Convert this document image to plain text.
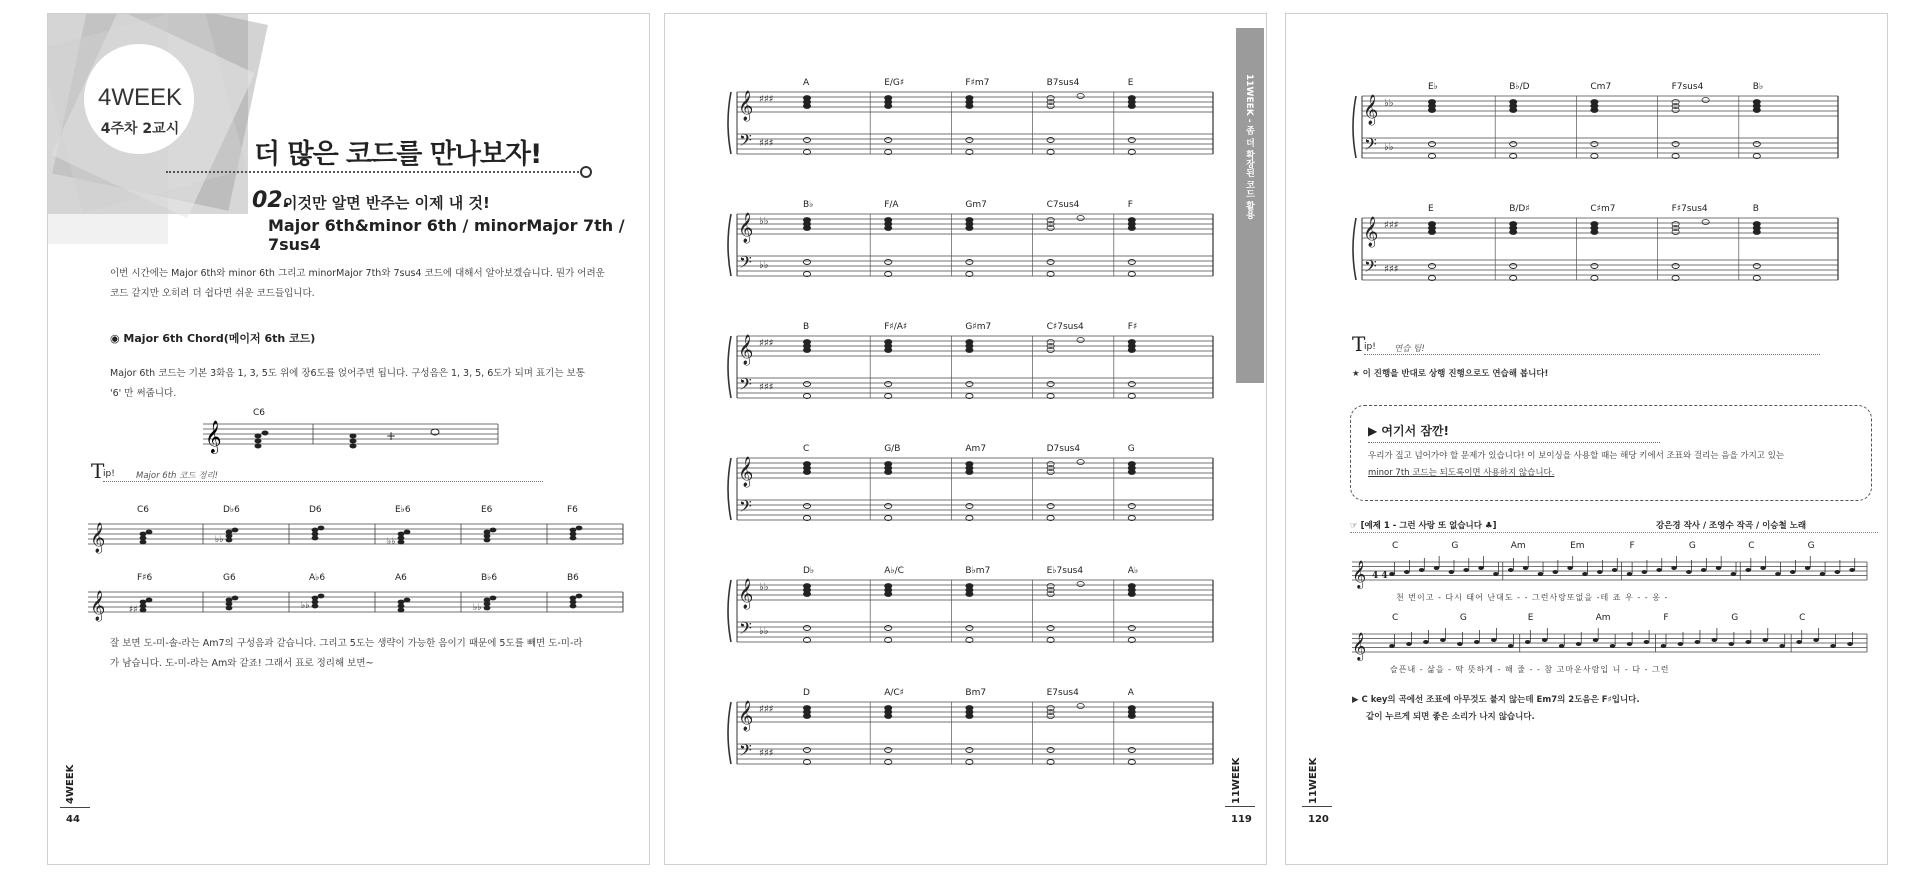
4WEEK
4주차 2교시
더 많은 코드를 만나보자!
02.
이것만 알면 반주는 이제 내 것!
Major 6th&minor 6th / minorMajor 7th / 7sus4
이번 시간에는 Major 6th와 minor 6th 그리고 minorMajor 7th와 7sus4 코드에 대해서 알아보겠습니다. 뭔가 어려운
코드 같지만 오히려 더 쉽다면 쉬운 코드들입니다.
◉ Major 6th Chord(메이저 6th 코드)
Major 6th 코드는 기본 3화음 1, 3, 5도 위에 장6도를 얹어주면 됩니다. 구성음은 1, 3, 5, 6도가 되며 표기는 보통
'6' 만 써줍니다.
𝄞
C6
+
T
ip! Major 6th 코드 정리!
𝄞
C6	D♭6
♭♭
D6	E♭6
♭♭
E6	F6
𝄞
F♯6
♯♯
G6	A♭6
♭♭
A6	B♭6
♭♭
B6
잘 보면 도-미-솔-라는 Am7의 구성음과 같습니다. 그리고 5도는 생략이 가능한 음이기 때문에 5도를 빼면 도-미-라
가 남습니다. 도-미-라는 Am와 같죠! 그래서 표로 정리해 보면~
4WEEK
44
11WEEK - 좀 더 확장된 코드 활용
𝄞
𝄢
♯♯♯
♯♯♯
A	E/G♯	F♯m7	B7sus4	E
𝄞
𝄢
♭♭
♭♭
B♭	F/A	Gm7	C7sus4	F
𝄞
𝄢
♯♯♯
♯♯♯
B	F♯/A♯	G♯m7	C♯7sus4	F♯
𝄞
𝄢
C	G/B	Am7	D7sus4	G
𝄞
𝄢
♭♭
♭♭
D♭	A♭/C	B♭m7	E♭7sus4	A♭
𝄞
𝄢
♯♯♯
♯♯♯
D	A/C♯	Bm7	E7sus4	A
11WEEK
119
𝄞
𝄢
♭♭
♭♭
E♭	B♭/D	Cm7	F7sus4	B♭
𝄞
𝄢
♯♯♯
♯♯♯
E	B/D♯	C♯m7	F♯7sus4	B
T
ip! 연습 팁!
★ 이 진행을 반대로 상행 진행으로도 연습해 봅니다!
▶ 여기서 잠깐!
우리가 짚고 넘어가야 할 문제가 있습니다! 이 보이싱을 사용할 때는 해당 키에서 조표와 걸리는 음을 가지고 있는
minor 7th 코드는 되도록이면 사용하지 않습니다.
☞ [예제 1 - 그런 사랑 또 없습니다 ♣]	강은경 작사 / 조영수 작곡 / 이승철 노래
𝄞 4 4
C	G	Am	Em	F	G	C	G
천 번이고 - 다시 태어 난대도 - - 그런사랑또없을 -테 죠 우 - - 옹 -
𝄞
C	G	E	Am	F	G	C
슬픈내 - 삶을 - 딱 뜻하게 - 해 줄 - - 참 고마운사람입 니 - 다 - 그런
▶ C key의 곡에선 조표에 아무것도 붙지 않는데 Em7의 2도음은 F♯입니다.
같이 누르게 되면 좋은 소리가 나지 않습니다.
11WEEK
120
